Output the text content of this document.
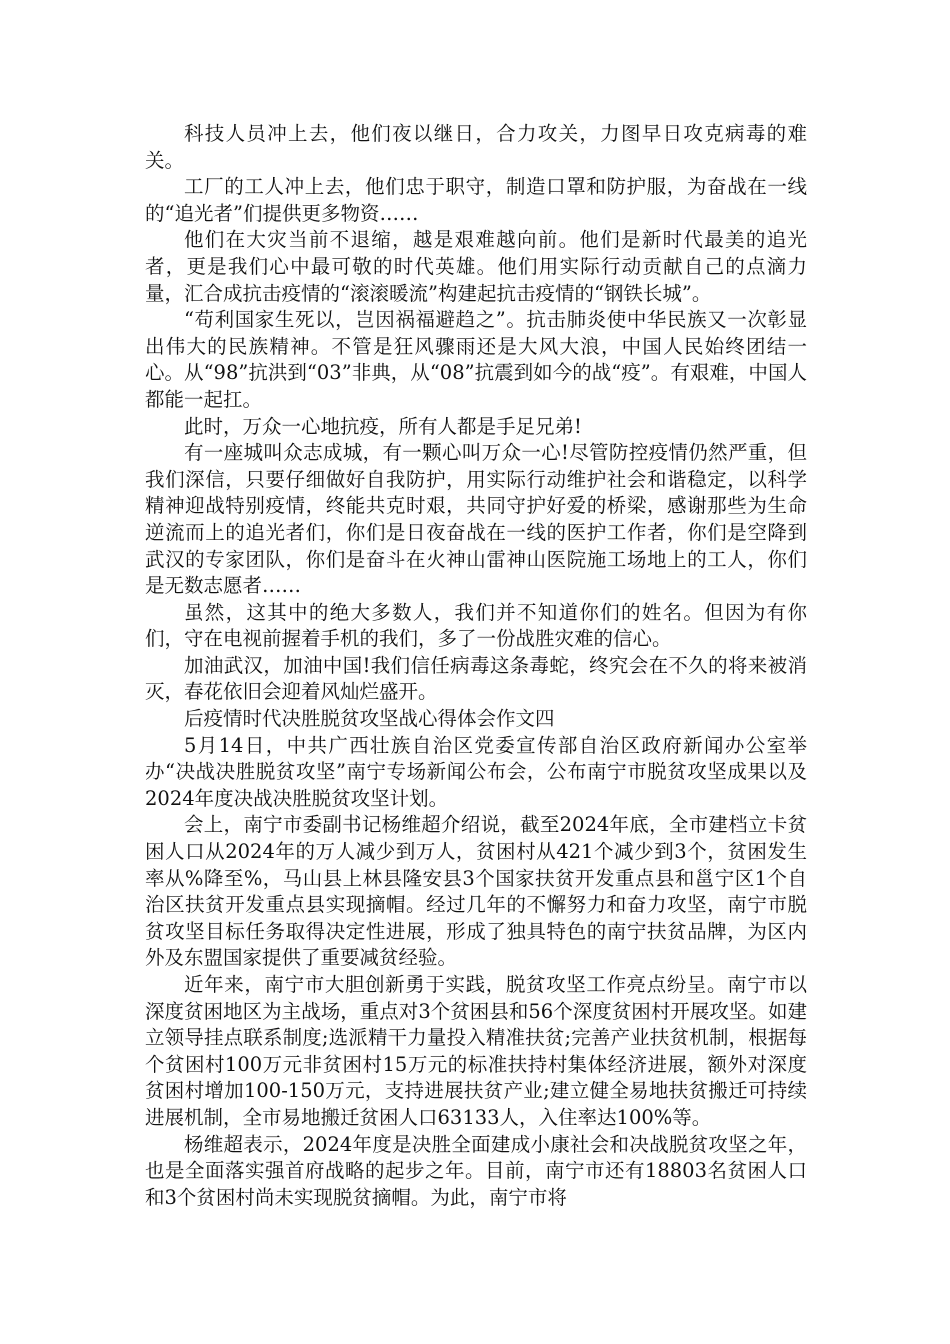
科技人员冲上去，他们夜以继日，合力攻关，力图早日攻克病毒的难关。

工厂的工人冲上去，他们忠于职守，制造口罩和防护服，为奋战在一线的“追光者”们提供更多物资……

他们在大灾当前不退缩，越是艰难越向前。他们是新时代最美的追光者，更是我们心中最可敬的时代英雄。他们用实际行动贡献自己的点滴力量，汇合成抗击疫情的“滚滚暖流”构建起抗击疫情的“钢铁长城”。

“苟利国家生死以，岂因祸福避趋之”。抗击肺炎使中华民族又一次彰显出伟大的民族精神。不管是狂风骤雨还是大风大浪，中国人民始终团结一心。从“98”抗洪到“03”非典，从“08”抗震到如今的战“疫”。有艰难，中国人都能一起扛。

此时，万众一心地抗疫，所有人都是手足兄弟!

有一座城叫众志成城，有一颗心叫万众一心!尽管防控疫情仍然严重，但我们深信，只要仔细做好自我防护，用实际行动维护社会和谐稳定，以科学精神迎战特别疫情，终能共克时艰，共同守护好爱的桥梁，感谢那些为生命逆流而上的追光者们，你们是日夜奋战在一线的医护工作者，你们是空降到武汉的专家团队，你们是奋斗在火神山雷神山医院施工场地上的工人，你们是无数志愿者……

虽然，这其中的绝大多数人，我们并不知道你们的姓名。但因为有你们，守在电视前握着手机的我们，多了一份战胜灾难的信心。

加油武汉，加油中国!我们信任病毒这条毒蛇，终究会在不久的将来被消灭，春花依旧会迎着风灿烂盛开。

后疫情时代决胜脱贫攻坚战心得体会作文四

5月14日，中共广西壮族自治区党委宣传部自治区政府新闻办公室举办“决战决胜脱贫攻坚”南宁专场新闻公布会，公布南宁市脱贫攻坚成果以及2024年度决战决胜脱贫攻坚计划。

会上，南宁市委副书记杨维超介绍说，截至2024年底，全市建档立卡贫困人口从2024年的万人减少到万人，贫困村从421个减少到3个，贫困发生率从%降至%，马山县上林县隆安县3个国家扶贫开发重点县和邕宁区1个自治区扶贫开发重点县实现摘帽。经过几年的不懈努力和奋力攻坚，南宁市脱贫攻坚目标任务取得决定性进展，形成了独具特色的南宁扶贫品牌，为区内外及东盟国家提供了重要减贫经验。

近年来，南宁市大胆创新勇于实践，脱贫攻坚工作亮点纷呈。南宁市以深度贫困地区为主战场，重点对3个贫困县和56个深度贫困村开展攻坚。如建立领导挂点联系制度;选派精干力量投入精准扶贫;完善产业扶贫机制，根据每个贫困村100万元非贫困村15万元的标准扶持村集体经济进展，额外对深度贫困村增加100-150万元，支持进展扶贫产业;建立健全易地扶贫搬迁可持续进展机制，全市易地搬迁贫困人口63133人，入住率达100%等。

杨维超表示，2024年度是决胜全面建成小康社会和决战脱贫攻坚之年，也是全面落实强首府战略的起步之年。目前，南宁市还有18803名贫困人口和3个贫困村尚未实现脱贫摘帽。为此，南宁市将
